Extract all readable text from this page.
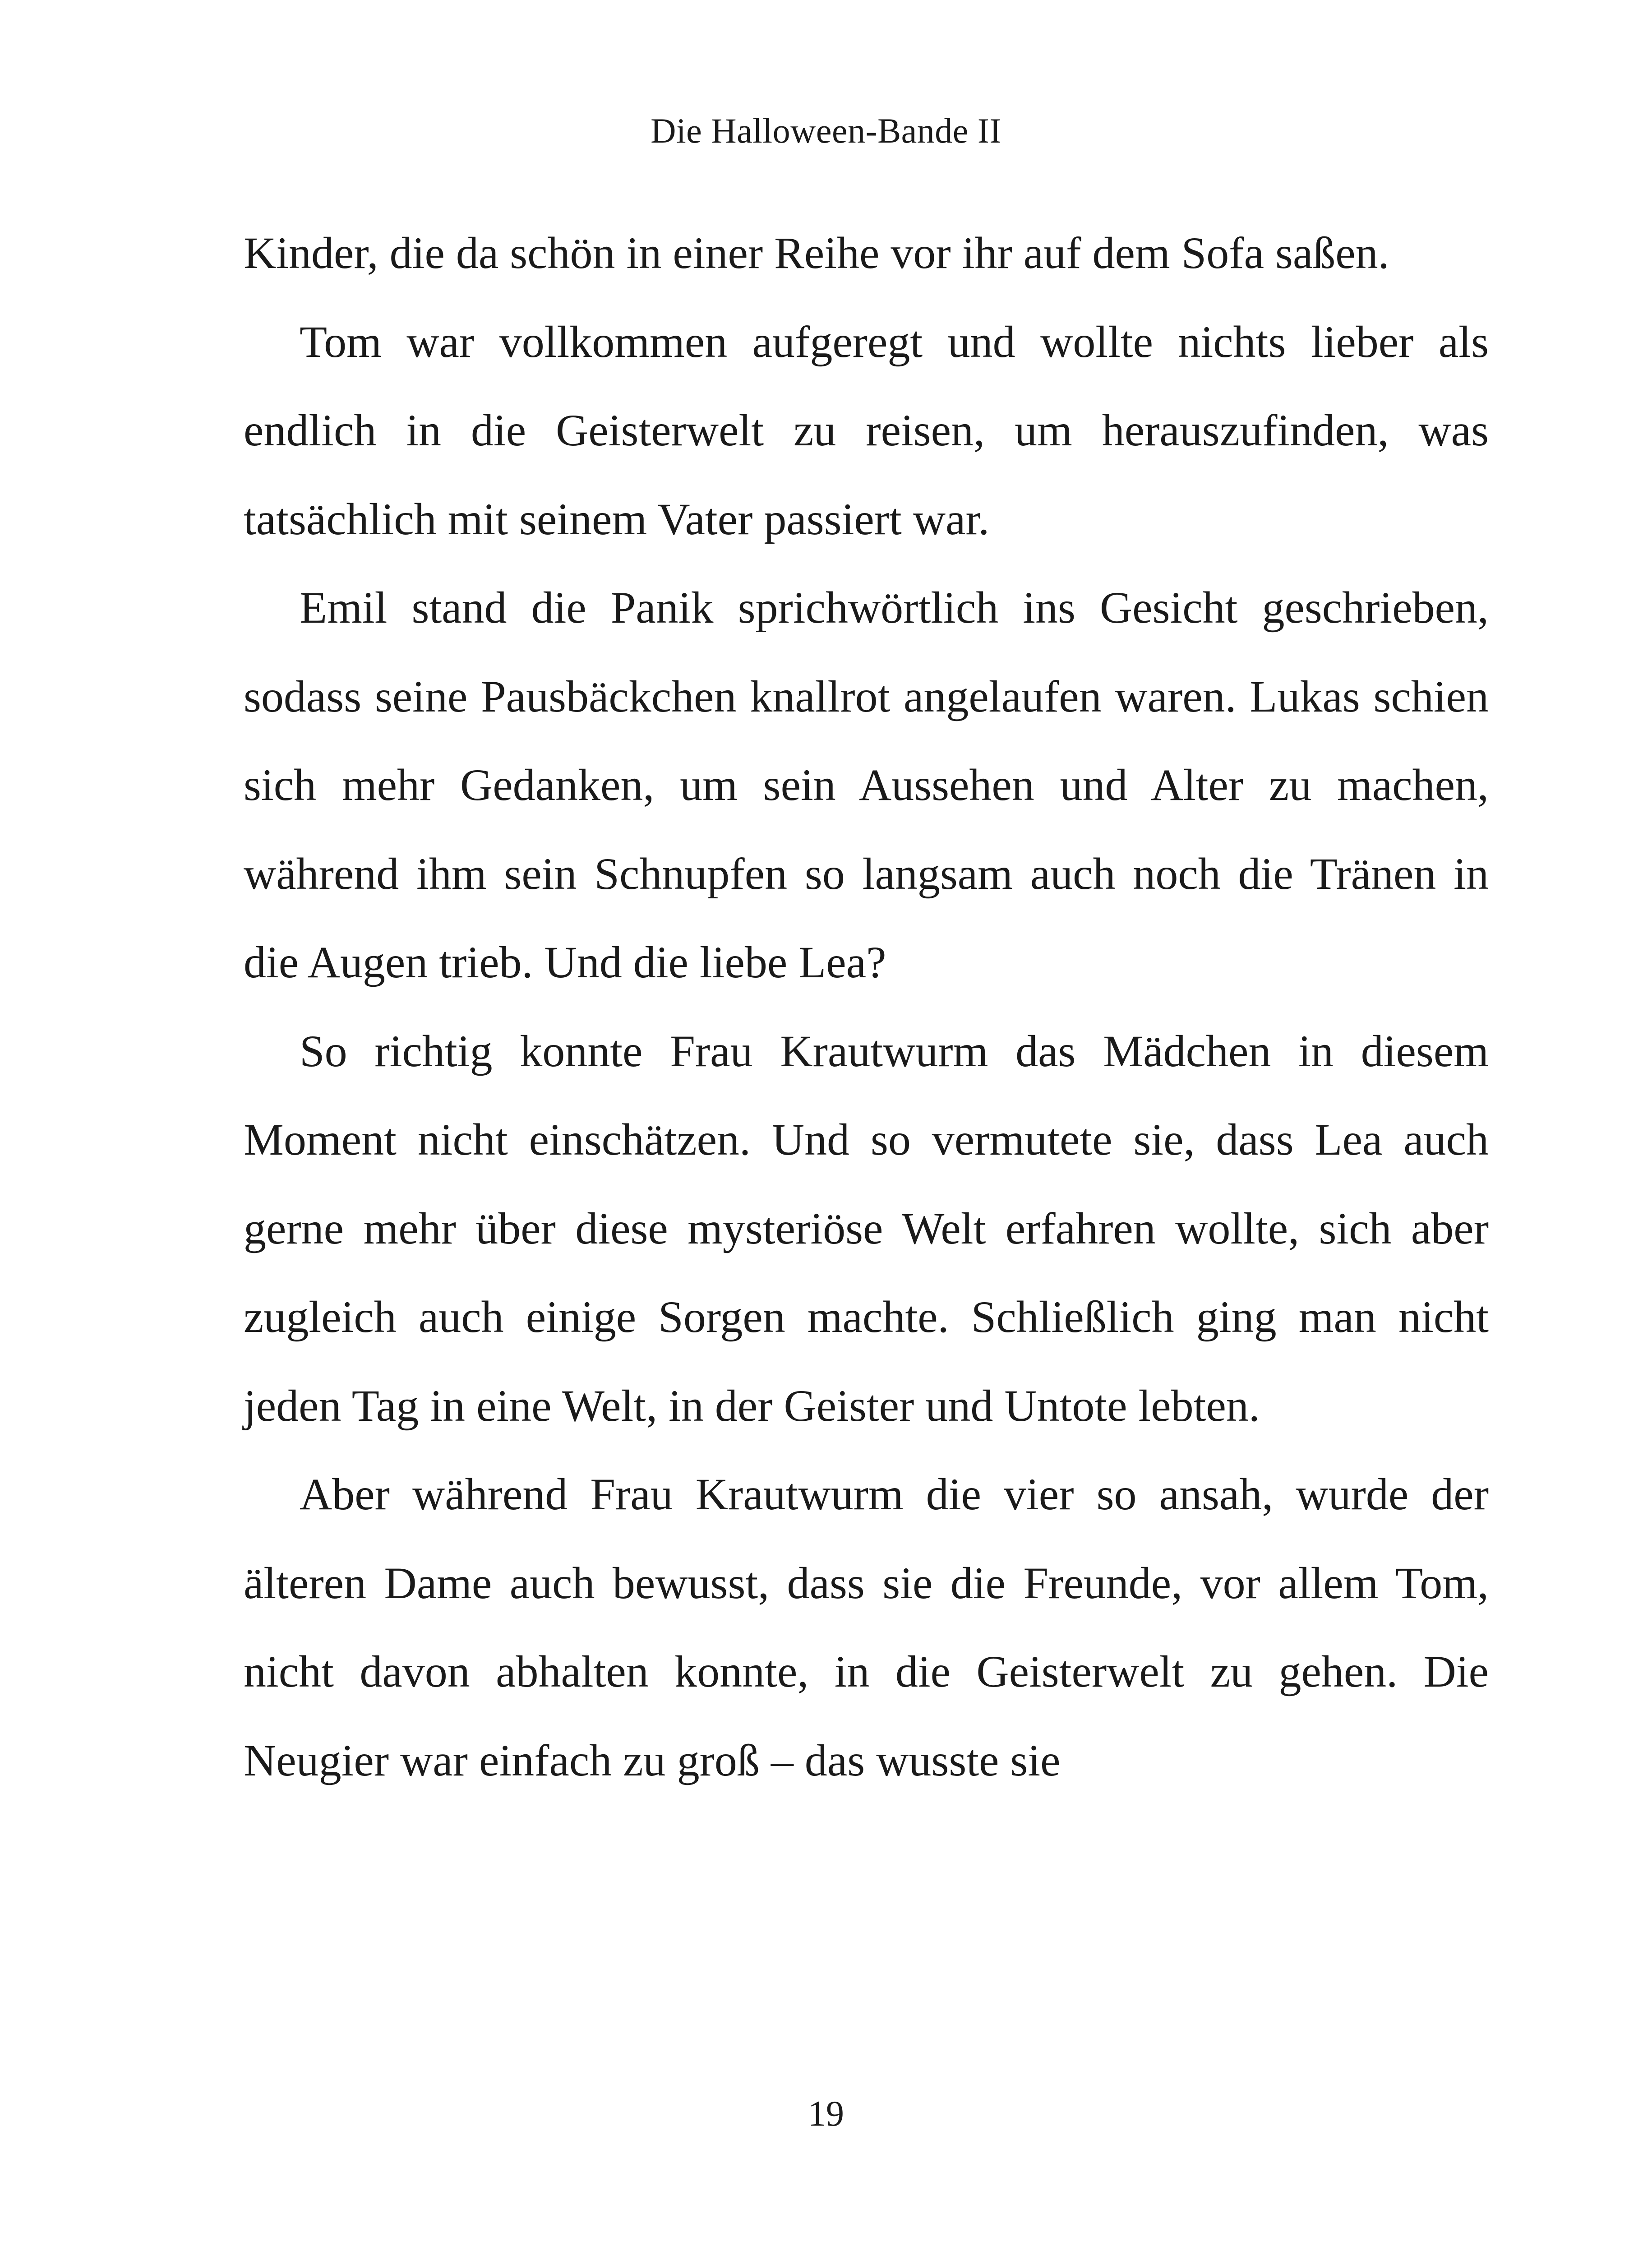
Die Halloween-Bande II

Kinder, die da schön in einer Reihe vor ihr auf dem Sofa saßen.

Tom war vollkommen aufgeregt und wollte nichts lieber als endlich in die Geisterwelt zu reisen, um herauszufinden, was tatsächlich mit seinem Vater passiert war.

Emil stand die Panik sprichwörtlich ins Gesicht geschrieben, sodass seine Pausbäckchen knallrot angelaufen waren. Lukas schien sich mehr Gedanken, um sein Aussehen und Alter zu machen, während ihm sein Schnupfen so langsam auch noch die Tränen in die Augen trieb. Und die liebe Lea?

So richtig konnte Frau Krautwurm das Mädchen in diesem Moment nicht einschätzen. Und so vermutete sie, dass Lea auch gerne mehr über diese mysteriöse Welt erfahren wollte, sich aber zugleich auch einige Sorgen machte. Schließlich ging man nicht jeden Tag in eine Welt, in der Geister und Untote lebten.

Aber während Frau Krautwurm die vier so ansah, wurde der älteren Dame auch bewusst, dass sie die Freunde, vor allem Tom, nicht davon abhalten konnte, in die Geisterwelt zu gehen. Die Neugier war einfach zu groß – das wusste sie

19
